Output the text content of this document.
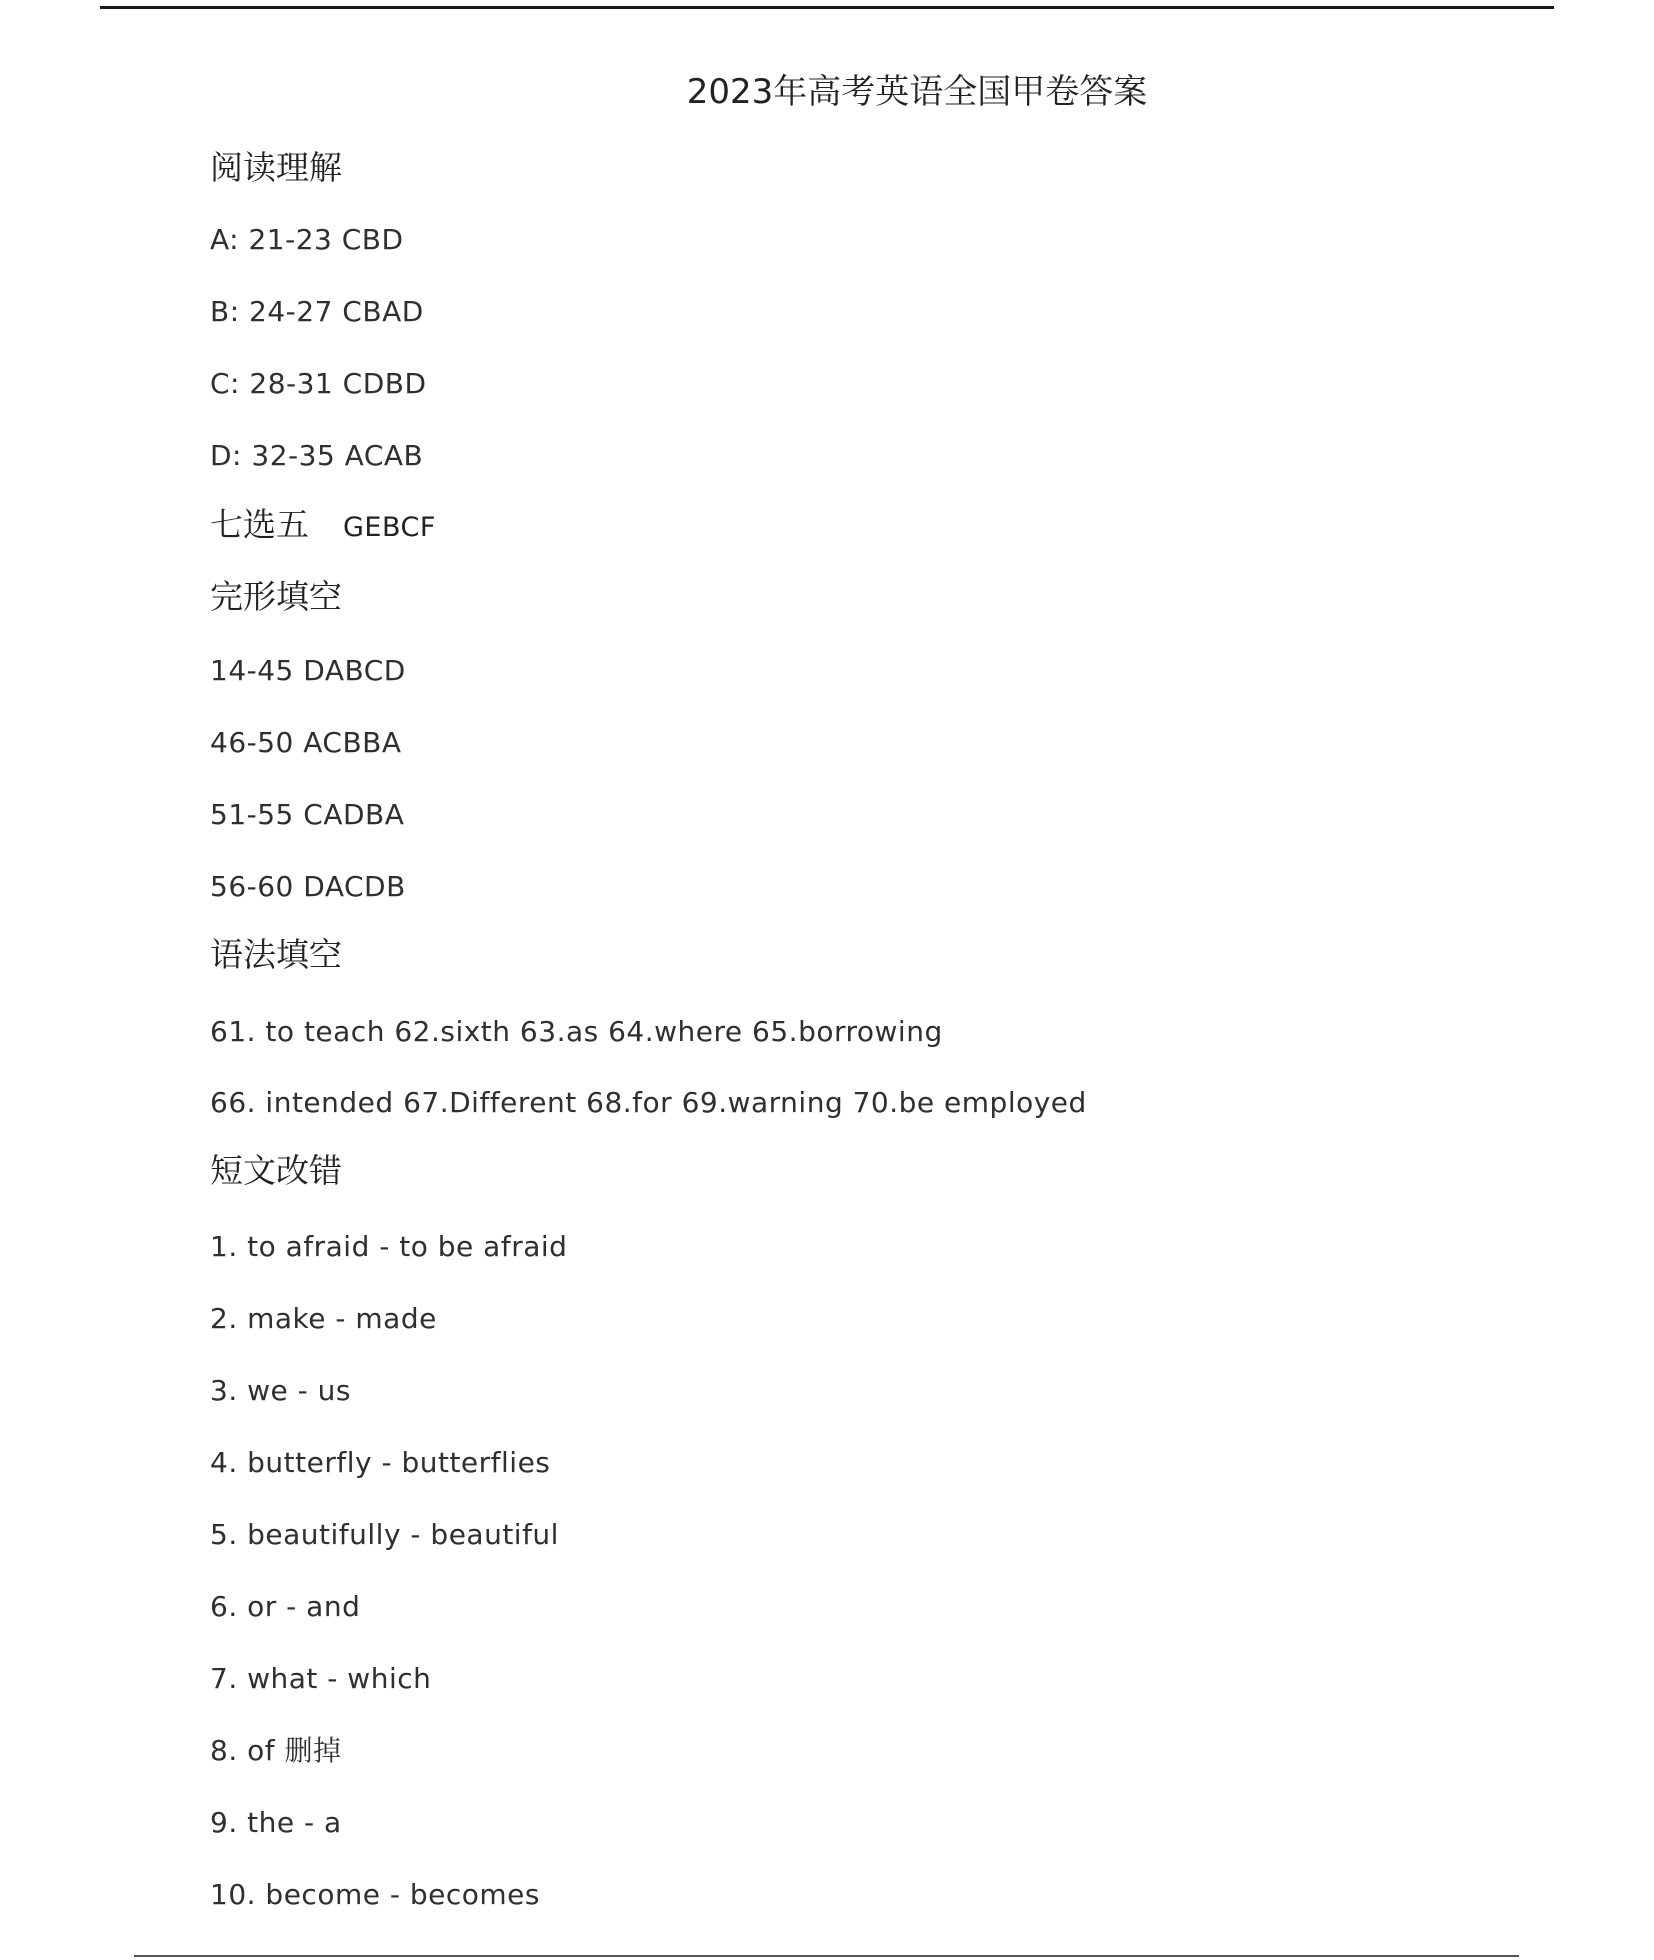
2023年高考英语全国甲卷答案
阅读理解
A: 21-23 CBD
B: 24-27 CBAD
C: 28-31 CDBD
D: 32-35 ACAB
七选五 GEBCF
完形填空
14-45 DABCD
46-50 ACBBA
51-55 CADBA
56-60 DACDB
语法填空
61. to teach 62.sixth 63.as 64.where 65.borrowing
66. intended 67.Different 68.for 69.warning 70.be employed
短文改错
1. to afraid - to be afraid
2. make - made
3. we - us
4. butterfly - butterflies
5. beautifully - beautiful
6. or - and
7. what - which
8. of 删掉
9. the - a
10. become - becomes
